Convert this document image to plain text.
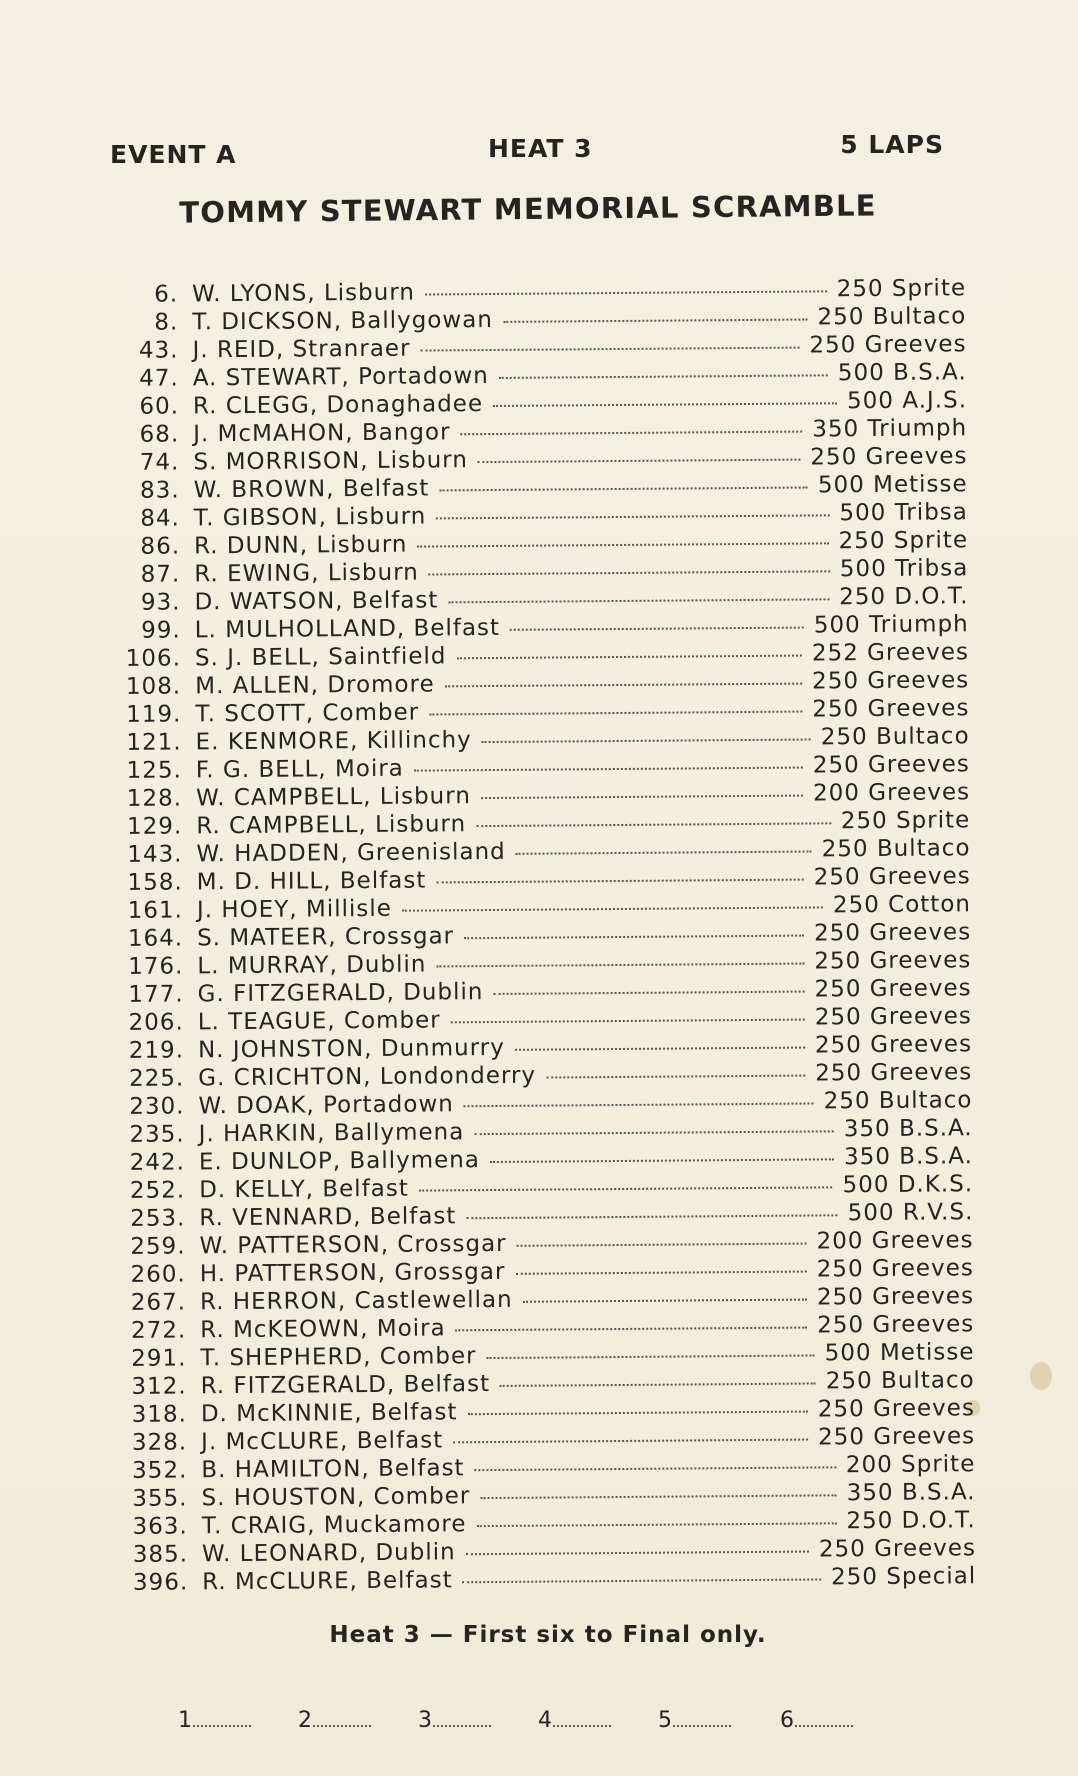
EVENT A	HEAT 3	5 LAPS
TOMMY STEWART MEMORIAL SCRAMBLE
6. W. LYONS, Lisburn	250 Sprite
8. T. DICKSON, Ballygowan	250 Bultaco
43. J. REID, Stranraer	250 Greeves
47. A. STEWART, Portadown	500 B.S.A.
60. R. CLEGG, Donaghadee	500 A.J.S.
68. J. McMAHON, Bangor	350 Triumph
74. S. MORRISON, Lisburn	250 Greeves
83. W. BROWN, Belfast	500 Metisse
84. T. GIBSON, Lisburn	500 Tribsa
86. R. DUNN, Lisburn	250 Sprite
87. R. EWING, Lisburn	500 Tribsa
93. D. WATSON, Belfast	250 D.O.T.
99. L. MULHOLLAND, Belfast	500 Triumph
106. S. J. BELL, Saintfield	252 Greeves
108. M. ALLEN, Dromore	250 Greeves
119. T. SCOTT, Comber	250 Greeves
121. E. KENMORE, Killinchy	250 Bultaco
125. F. G. BELL, Moira	250 Greeves
128. W. CAMPBELL, Lisburn	200 Greeves
129. R. CAMPBELL, Lisburn	250 Sprite
143. W. HADDEN, Greenisland	250 Bultaco
158. M. D. HILL, Belfast	250 Greeves
161. J. HOEY, Millisle	250 Cotton
164. S. MATEER, Crossgar	250 Greeves
176. L. MURRAY, Dublin	250 Greeves
177. G. FITZGERALD, Dublin	250 Greeves
206. L. TEAGUE, Comber	250 Greeves
219. N. JOHNSTON, Dunmurry	250 Greeves
225. G. CRICHTON, Londonderry	250 Greeves
230. W. DOAK, Portadown	250 Bultaco
235. J. HARKIN, Ballymena	350 B.S.A.
242. E. DUNLOP, Ballymena	350 B.S.A.
252. D. KELLY, Belfast	500 D.K.S.
253. R. VENNARD, Belfast	500 R.V.S.
259. W. PATTERSON, Crossgar	200 Greeves
260. H. PATTERSON, Grossgar	250 Greeves
267. R. HERRON, Castlewellan	250 Greeves
272. R. McKEOWN, Moira	250 Greeves
291. T. SHEPHERD, Comber	500 Metisse
312. R. FITZGERALD, Belfast	250 Bultaco
318. D. McKINNIE, Belfast	250 Greeves
328. J. McCLURE, Belfast	250 Greeves
352. B. HAMILTON, Belfast	200 Sprite
355. S. HOUSTON, Comber	350 B.S.A.
363. T. CRAIG, Muckamore	250 D.O.T.
385. W. LEONARD, Dublin	250 Greeves
396. R. McCLURE, Belfast	250 Special
Heat 3 — First six to Final only.
1	2	3	4	5	6
